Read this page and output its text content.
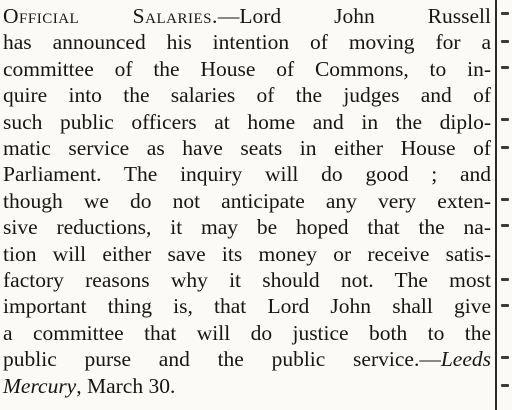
Official Salaries.—Lord John Russell
has announced his intention of moving for a
committee of the House of Commons, to in-
quire into the salaries of the judges and of
such public officers at home and in the diplo-
matic service as have seats in either House of
Parliament. The inquiry will do good ; and
though we do not anticipate any very exten-
sive reductions, it may be hoped that the na-
tion will either save its money or receive satis-
factory reasons why it should not. The most
important thing is, that Lord John shall give
a committee that will do justice both to the
public purse and the public service.—Leeds
Mercury, March 30.
